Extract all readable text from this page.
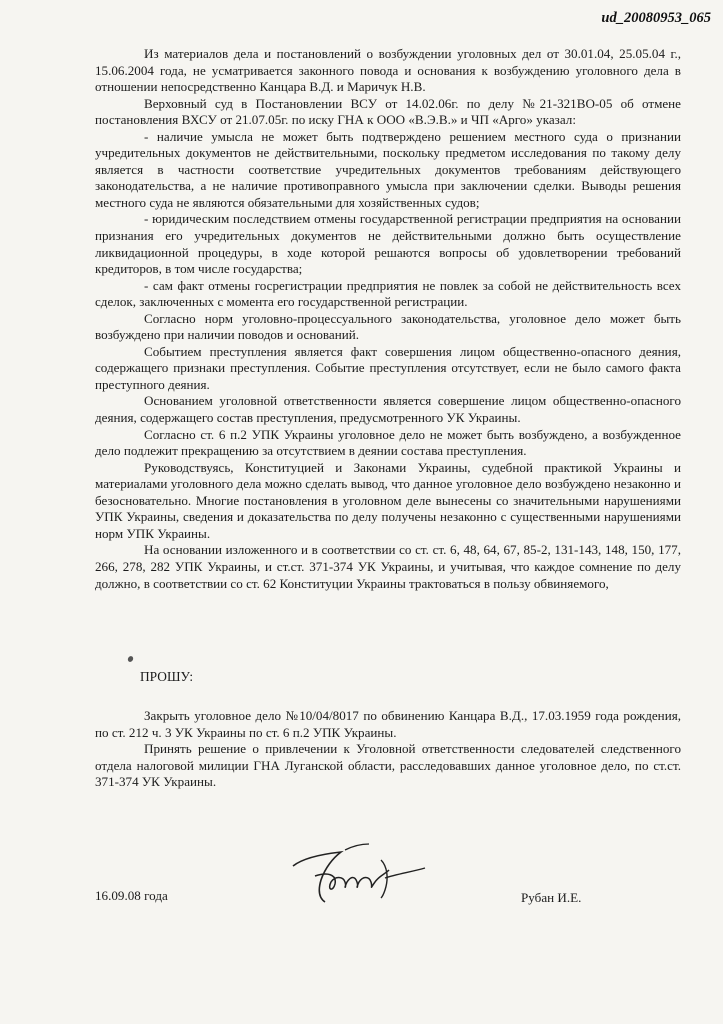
ud_20080953_065

Из материалов дела и постановлений о возбуждении уголовных дел от 30.01.04, 25.05.04 г., 15.06.2004 года, не усматривается законного повода и основания к возбуждению уголовного дела в отношении непосредственно Канцара В.Д. и Маричук Н.В.

Верховный суд в Постановлении ВСУ от 14.02.06г. по делу №21-321ВО-05 об отмене постановления ВХСУ от 21.07.05г. по иску ГНА к ООО «В.Э.В.» и ЧП «Арго» указал:

- наличие умысла не может быть подтверждено решением местного суда о признании учредительных документов не действительными, поскольку предметом исследования по такому делу является в частности соответствие учредительных документов требованиям действующего законодательства, а не наличие противоправного умысла при заключении сделки. Выводы решения местного суда не являются обязательными для хозяйственных судов;

- юридическим последствием отмены государственной регистрации предприятия на основании признания его учредительных документов не действительными должно быть осуществление ликвидационной процедуры, в ходе которой решаются вопросы об удовлетворении требований кредиторов, в том числе государства;

- сам факт отмены госрегистрации предприятия не повлек за собой не действительность всех сделок, заключенных с момента его государственной регистрации.

Согласно норм уголовно-процессуального законодательства, уголовное дело может быть возбуждено при наличии поводов и оснований.

Событием преступления является факт совершения лицом общественно-опасного деяния, содержащего признаки преступления. Событие преступления отсутствует, если не было самого факта преступного деяния.

Основанием уголовной ответственности является совершение лицом общественно-опасного деяния, содержащего состав преступления, предусмотренного УК Украины.

Согласно ст. 6 п.2 УПК Украины уголовное дело не может быть возбуждено, а возбужденное дело подлежит прекращению за отсутствием в деянии состава преступления.

Руководствуясь, Конституцией и Законами Украины, судебной практикой Украины и материалами уголовного дела можно сделать вывод, что данное уголовное дело возбуждено незаконно и безосновательно. Многие постановления в уголовном деле вынесены со значительными нарушениями УПК Украины, сведения и доказательства по делу получены незаконно с существенными нарушениями норм УПК Украины.

На основании изложенного и в соответствии со ст. ст. 6, 48, 64, 67, 85-2, 131-143, 148, 150, 177, 266, 278, 282 УПК Украины, и ст.ст. 371-374 УК Украины, и учитывая, что каждое сомнение по делу должно, в соответствии со ст. 62 Конституции Украины трактоваться в пользу обвиняемого,

ПРОШУ:

Закрыть уголовное дело №10/04/8017 по обвинению Канцара В.Д., 17.03.1959 года рождения, по ст. 212 ч. 3 УК Украины по ст. 6 п.2 УПК Украины.

Принять решение о привлечении к Уголовной ответственности следователей следственного отдела налоговой милиции ГНА Луганской области, расследовавших данное уголовное дело, по ст.ст. 371-374 УК Украины.

16.09.08 года	Рубан И.Е.
